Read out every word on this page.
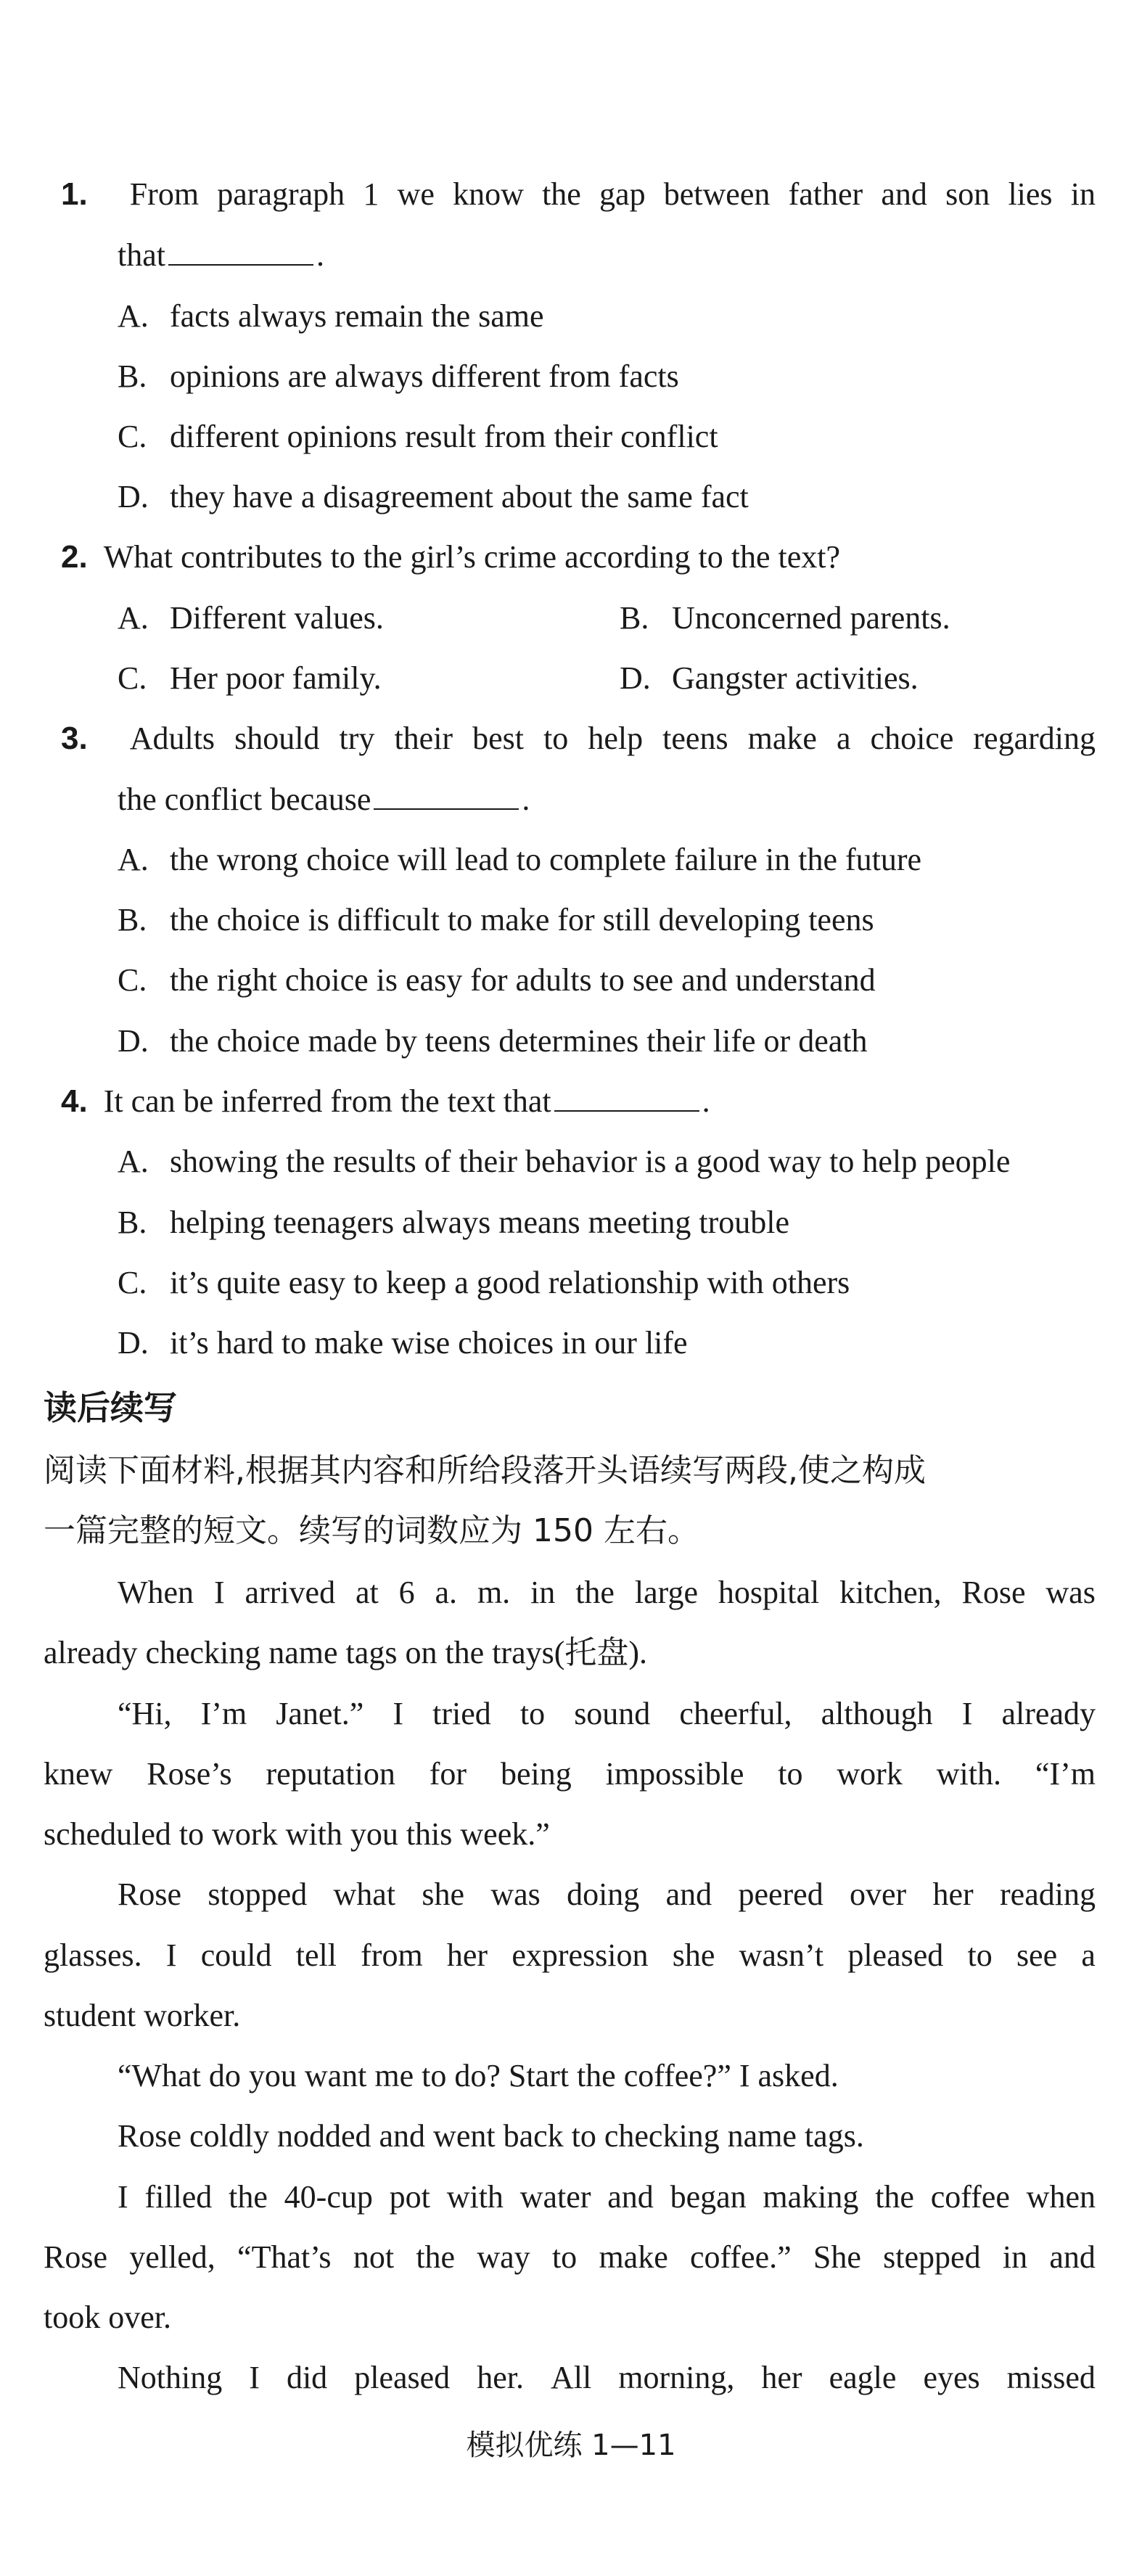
1.
From paragraph 1 we know the gap between father and son lies in
that	.
A. facts always remain the same
B. opinions are always different from facts
C. different opinions result from their conflict
D. they have a disagreement about the same fact
2. What contributes to the girl’s crime according to the text?
A. Different values.	B. Unconcerned parents.
C. Her poor family.	D. Gangster activities.
3.
Adults should try their best to help teens make a choice regarding
the conflict because	.
A. the wrong choice will lead to complete failure in the future
B. the choice is difficult to make for still developing teens
C. the right choice is easy for adults to see and understand
D. the choice made by teens determines their life or death
4. It can be inferred from the text that	.
A. showing the results of their behavior is a good way to help people
B. helping teenagers always means meeting trouble
C. it’s quite easy to keep a good relationship with others
D. it’s hard to make wise choices in our life
读后续写
阅读下面材料,根据其内容和所给段落开头语续写两段,使之构成
一篇完整的短文。续写的词数应为 150 左右。
When I arrived at 6 a. m. in the large hospital kitchen, Rose was
already checking name tags on the trays(托盘).
“Hi, I’m Janet.” I tried to sound cheerful, although I already
knew Rose’s reputation for being impossible to work with. “I’m
scheduled to work with you this week.”
Rose stopped what she was doing and peered over her reading
glasses. I could tell from her expression she wasn’t pleased to see a
student worker.
“What do you want me to do? Start the coffee?” I asked.
Rose coldly nodded and went back to checking name tags.
I filled the 40-cup pot with water and began making the coffee when
Rose yelled, “That’s not the way to make coffee.” She stepped in and
took over.
Nothing I did pleased her. All morning, her eagle eyes missed
模拟优练 1—11
